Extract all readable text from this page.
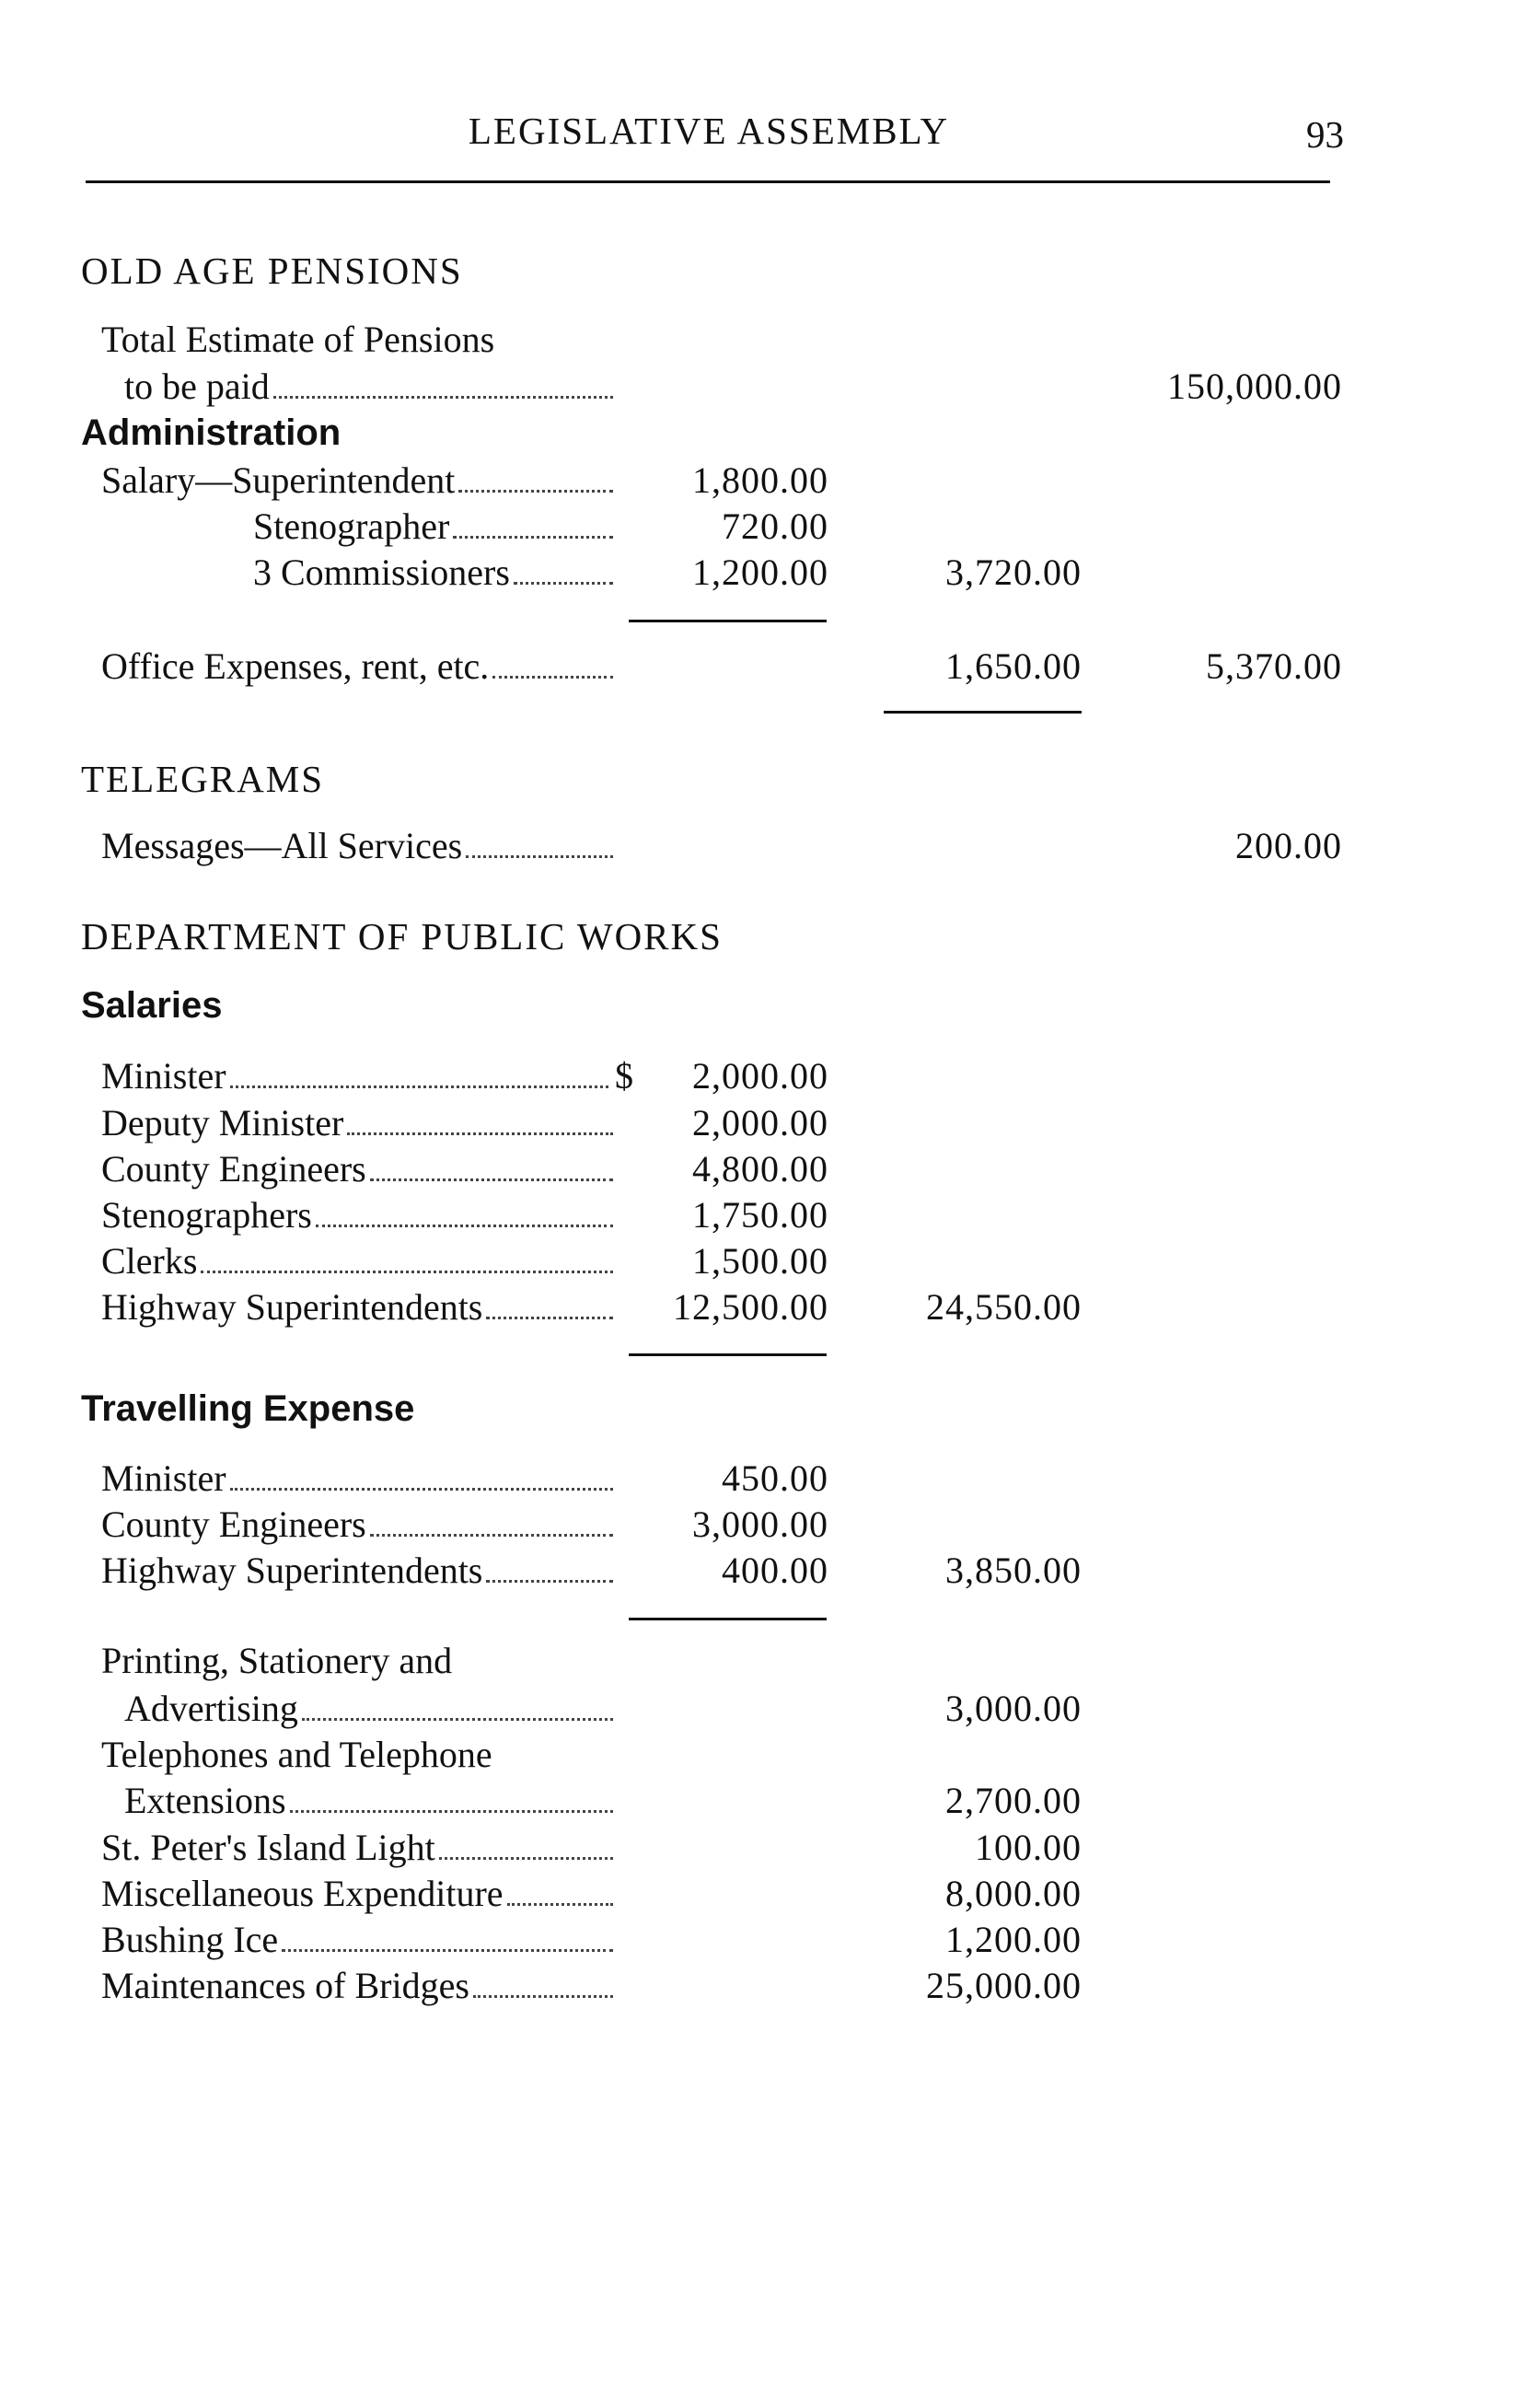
LEGISLATIVE ASSEMBLY	93
OLD AGE PENSIONS
Total Estimate of Pensions
to be paid	150,000.00
Administration
Salary—Superintendent	1,800.00
Stenographer	720.00
3 Commissioners	1,200.00	3,720.00
Office Expenses, rent, etc.	1,650.00	5,370.00
TELEGRAMS
Messages—All Services	200.00
DEPARTMENT OF PUBLIC WORKS
Salaries
Minister	$	2,000.00
Deputy Minister	2,000.00
County Engineers	4,800.00
Stenographers	1,750.00
Clerks	1,500.00
Highway Superintendents	12,500.00	24,550.00
Travelling Expense
Minister	450.00
County Engineers	3,000.00
Highway Superintendents	400.00	3,850.00
Printing, Stationery and
Advertising	3,000.00
Telephones and Telephone
Extensions	2,700.00
St. Peter's Island Light	100.00
Miscellaneous Expenditure	8,000.00
Bushing Ice	1,200.00
Maintenances of Bridges	25,000.00
